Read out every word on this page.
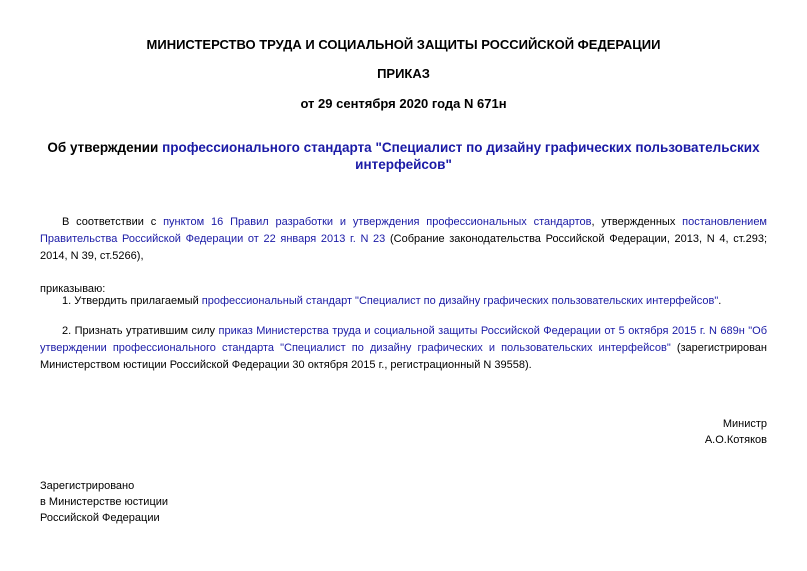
МИНИСТЕРСТВО ТРУДА И СОЦИАЛЬНОЙ ЗАЩИТЫ РОССИЙСКОЙ ФЕДЕРАЦИИ
ПРИКАЗ
от 29 сентября 2020 года N 671н
Об утверждении профессионального стандарта "Специалист по дизайну графических пользовательских интерфейсов"
В соответствии с пунктом 16 Правил разработки и утверждения профессиональных стандартов, утвержденных постановлением Правительства Российской Федерации от 22 января 2013 г. N 23 (Собрание законодательства Российской Федерации, 2013, N 4, ст.293; 2014, N 39, ст.5266),
приказываю:
1. Утвердить прилагаемый профессиональный стандарт "Специалист по дизайну графических пользовательских интерфейсов".
2. Признать утратившим силу приказ Министерства труда и социальной защиты Российской Федерации от 5 октября 2015 г. N 689н "Об утверждении профессионального стандарта "Специалист по дизайну графических и пользовательских интерфейсов" (зарегистрирован Министерством юстиции Российской Федерации 30 октября 2015 г., регистрационный N 39558).
Министр
А.О.Котяков
Зарегистрировано
в Министерстве юстиции
Российской Федерации
